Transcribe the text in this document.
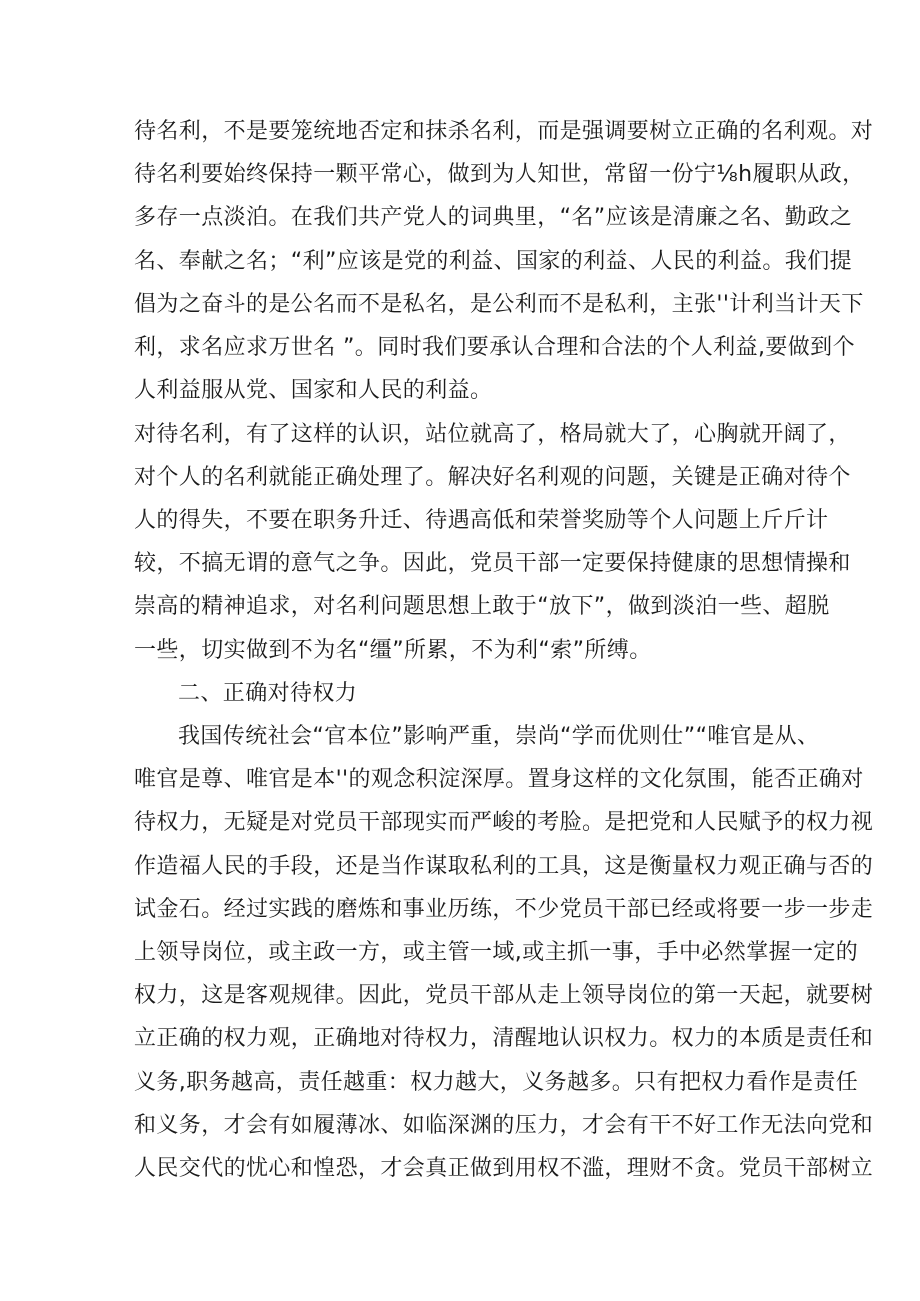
待名利，不是要笼统地否定和抹杀名利，而是强调要树立正确的名利观。对
待名利要始终保持一颗平常心，做到为人知世，常留一份宁⅛h履职从政，
多存一点淡泊。在我们共产党人的词典里，“名”应该是清廉之名、勤政之
名、奉献之名；“利”应该是党的利益、国家的利益、人民的利益。我们提
倡为之奋斗的是公名而不是私名，是公利而不是私利，主张''计利当计天下
利，求名应求万世名 ”。同时我们要承认合理和合法的个人利益,要做到个
人利益服从党、国家和人民的利益。
对待名利，有了这样的认识，站位就高了，格局就大了，心胸就开阔了，
对个人的名利就能正确处理了。解决好名利观的问题，关键是正确对待个
人的得失，不要在职务升迁、待遇高低和荣誉奖励等个人问题上斤斤计
较，不搞无谓的意气之争。因此，党员干部一定要保持健康的思想情操和
崇高的精神追求，对名利问题思想上敢于“放下”，做到淡泊一些、超脱
一些，切实做到不为名“缰”所累，不为利“索”所缚。
二、正确对待权力
我国传统社会“官本位”影响严重，崇尚“学而优则仕”“唯官是从、
唯官是尊、唯官是本''的观念积淀深厚。置身这样的文化氛围，能否正确对
待权力，无疑是对党员干部现实而严峻的考脸。是把党和人民赋予的权力视
作造福人民的手段，还是当作谋取私利的工具，这是衡量权力观正确与否的
试金石。经过实践的磨炼和事业历练，不少党员干部已经或将要一步一步走
上领导岗位，或主政一方，或主管一域,或主抓一事，手中必然掌握一定的
权力，这是客观规律。因此，党员干部从走上领导岗位的第一天起，就要树
立正确的权力观，正确地对待权力，清醒地认识权力。权力的本质是责任和
义务,职务越高，责任越重：权力越大，义务越多。只有把权力看作是责任
和义务，才会有如履薄冰、如临深渊的压力，才会有干不好工作无法向党和
人民交代的忧心和惶恐，才会真正做到用权不滥，理财不贪。党员干部树立
